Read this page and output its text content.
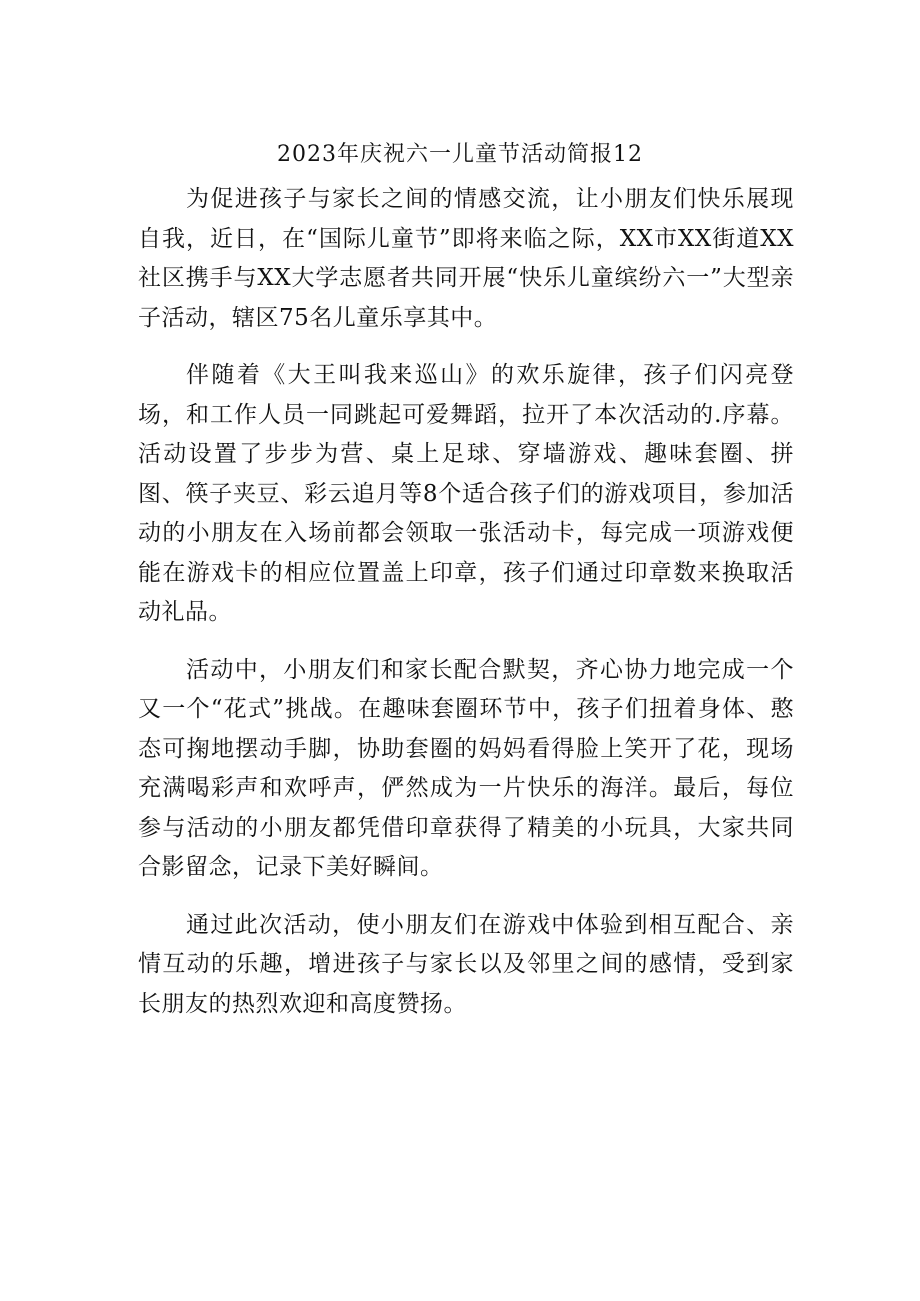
2023年庆祝六一儿童节活动简报12

为促进孩子与家长之间的情感交流，让小朋友们快乐展现自我，近日，在“国际儿童节”即将来临之际，XX市XX街道XX社区携手与XX大学志愿者共同开展“快乐儿童缤纷六一”大型亲子活动，辖区75名儿童乐享其中。

伴随着《大王叫我来巡山》的欢乐旋律，孩子们闪亮登场，和工作人员一同跳起可爱舞蹈，拉开了本次活动的.序幕。活动设置了步步为营、桌上足球、穿墙游戏、趣味套圈、拼图、筷子夹豆、彩云追月等8个适合孩子们的游戏项目，参加活动的小朋友在入场前都会领取一张活动卡，每完成一项游戏便能在游戏卡的相应位置盖上印章，孩子们通过印章数来换取活动礼品。

活动中，小朋友们和家长配合默契，齐心协力地完成一个又一个“花式”挑战。在趣味套圈环节中，孩子们扭着身体、憨态可掬地摆动手脚，协助套圈的妈妈看得脸上笑开了花，现场充满喝彩声和欢呼声，俨然成为一片快乐的海洋。最后，每位参与活动的小朋友都凭借印章获得了精美的小玩具，大家共同合影留念，记录下美好瞬间。

通过此次活动，使小朋友们在游戏中体验到相互配合、亲情互动的乐趣，增进孩子与家长以及邻里之间的感情，受到家长朋友的热烈欢迎和高度赞扬。
